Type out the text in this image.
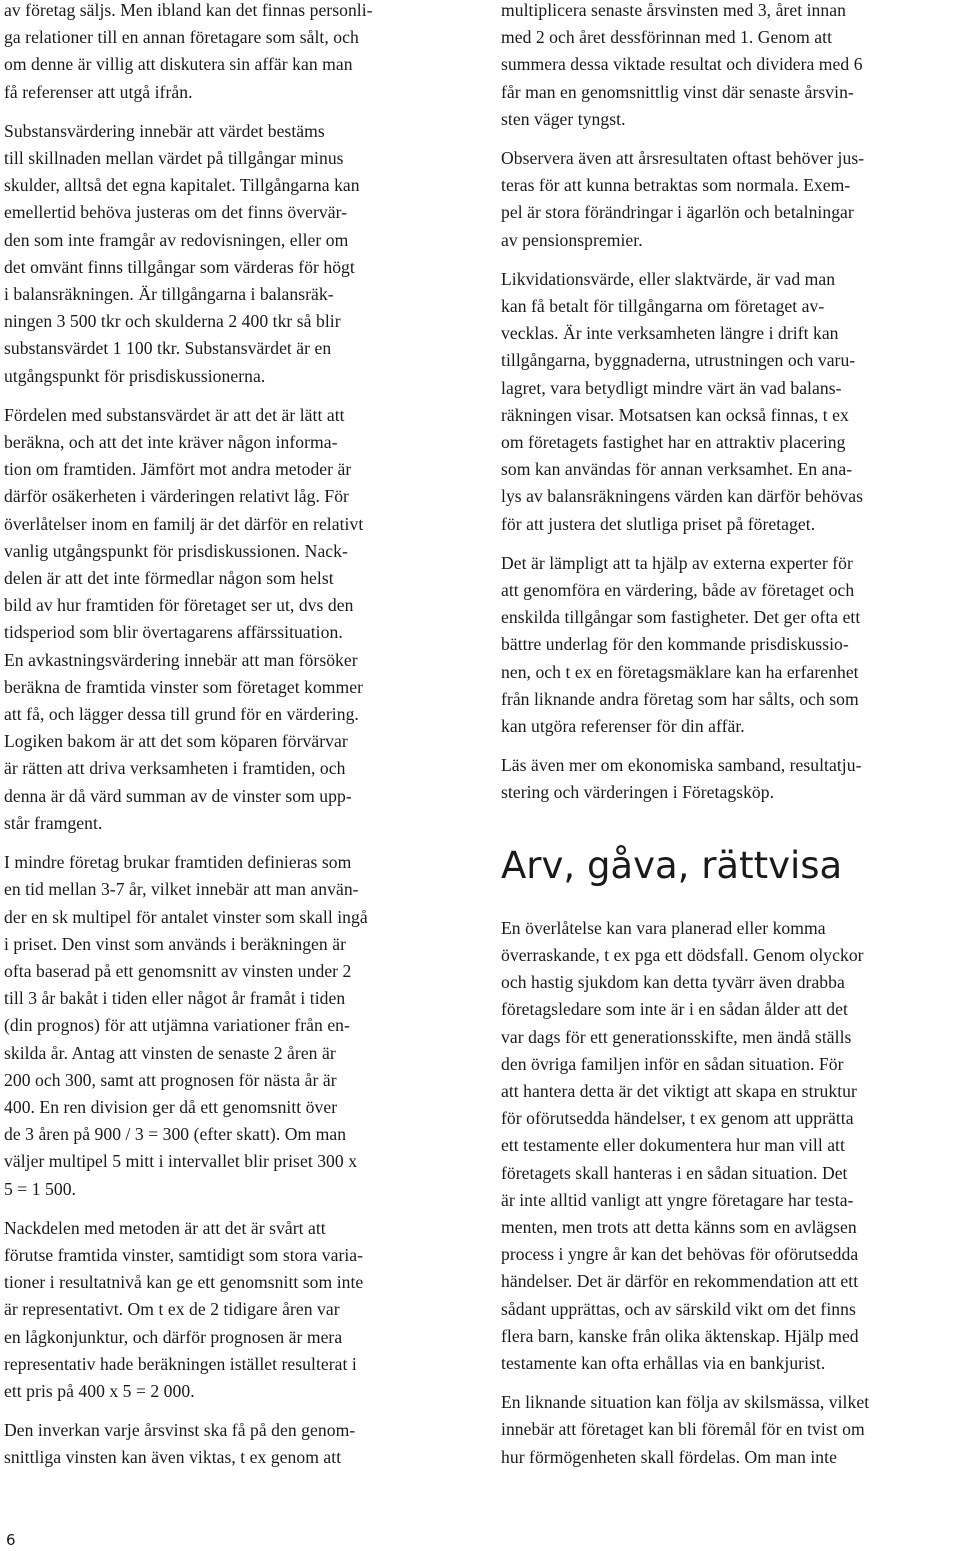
av företag säljs. Men ibland kan det finnas personli-
ga relationer till en annan företagare som sålt, och
om denne är villig att diskutera sin affär kan man
få referenser att utgå ifrån.

Substansvärdering innebär att värdet bestäms
till skillnaden mellan värdet på tillgångar minus
skulder, alltså det egna kapitalet. Tillgångarna kan
emellertid behöva justeras om det finns övervär-
den som inte framgår av redovisningen, eller om
det omvänt finns tillgångar som värderas för högt
i balansräkningen. Är tillgångarna i balansräk-
ningen 3 500 tkr och skulderna 2 400 tkr så blir
substansvärdet 1 100 tkr. Substansvärdet är en
utgångspunkt för prisdiskussionerna.

Fördelen med substansvärdet är att det är lätt att
beräkna, och att det inte kräver någon informa-
tion om framtiden. Jämfört mot andra metoder är
därför osäkerheten i värderingen relativt låg. För
överlåtelser inom en familj är det därför en relativt
vanlig utgångspunkt för prisdiskussionen. Nack-
delen är att det inte förmedlar någon som helst
bild av hur framtiden för företaget ser ut, dvs den
tidsperiod som blir övertagarens affärssituation.

En avkastningsvärdering innebär att man försöker
beräkna de framtida vinster som företaget kommer
att få, och lägger dessa till grund för en värdering.
Logiken bakom är att det som köparen förvärvar
är rätten att driva verksamheten i framtiden, och
denna är då värd summan av de vinster som upp-
står framgent.

I mindre företag brukar framtiden definieras som
en tid mellan 3-7 år, vilket innebär att man använ-
der en sk multipel för antalet vinster som skall ingå
i priset. Den vinst som används i beräkningen är
ofta baserad på ett genomsnitt av vinsten under 2
till 3 år bakåt i tiden eller något år framåt i tiden
(din prognos) för att utjämna variationer från en-
skilda år. Antag att vinsten de senaste 2 åren är
200 och 300, samt att prognosen för nästa år är
400. En ren division ger då ett genomsnitt över
de 3 åren på 900 / 3 = 300 (efter skatt). Om man
väljer multipel 5 mitt i intervallet blir priset 300 x
5 = 1 500.

Nackdelen med metoden är att det är svårt att
förutse framtida vinster, samtidigt som stora varia-
tioner i resultatnivå kan ge ett genomsnitt som inte
är representativt. Om t ex de 2 tidigare åren var
en lågkonjunktur, och därför prognosen är mera
representativ hade beräkningen istället resulterat i
ett pris på 400 x 5 = 2 000.

Den inverkan varje årsvinst ska få på den genom-
snittliga vinsten kan även viktas, t ex genom att

multiplicera senaste årsvinsten med 3, året innan
med 2 och året dessförinnan med 1. Genom att
summera dessa viktade resultat och dividera med 6
får man en genomsnittlig vinst där senaste årsvin-
sten väger tyngst.

Observera även att årsresultaten oftast behöver jus-
teras för att kunna betraktas som normala. Exem-
pel är stora förändringar i ägarlön och betalningar
av pensionspremier.

Likvidationsvärde, eller slaktvärde, är vad man
kan få betalt för tillgångarna om företaget av-
vecklas. Är inte verksamheten längre i drift kan
tillgångarna, byggnaderna, utrustningen och varu-
lagret, vara betydligt mindre värt än vad balans-
räkningen visar. Motsatsen kan också finnas, t ex
om företagets fastighet har en attraktiv placering
som kan användas för annan verksamhet. En ana-
lys av balansräkningens värden kan därför behövas
för att justera det slutliga priset på företaget.

Det är lämpligt att ta hjälp av externa experter för
att genomföra en värdering, både av företaget och
enskilda tillgångar som fastigheter. Det ger ofta ett
bättre underlag för den kommande prisdiskussio-
nen, och t ex en företagsmäklare kan ha erfarenhet
från liknande andra företag som har sålts, och som
kan utgöra referenser för din affär.

Läs även mer om ekonomiska samband, resultatju-
stering och värderingen i Företagsköp.

Arv, gåva, rättvisa

En överlåtelse kan vara planerad eller komma
överraskande, t ex pga ett dödsfall. Genom olyckor
och hastig sjukdom kan detta tyvärr även drabba
företagsledare som inte är i en sådan ålder att det
var dags för ett generationsskifte, men ändå ställs
den övriga familjen inför en sådan situation. För
att hantera detta är det viktigt att skapa en struktur
för oförutsedda händelser, t ex genom att upprätta
ett testamente eller dokumentera hur man vill att
företagets skall hanteras i en sådan situation. Det
är inte alltid vanligt att yngre företagare har testa-
menten, men trots att detta känns som en avlägsen
process i yngre år kan det behövas för oförutsedda
händelser. Det är därför en rekommendation att ett
sådant upprättas, och av särskild vikt om det finns
flera barn, kanske från olika äktenskap. Hjälp med
testamente kan ofta erhållas via en bankjurist.

En liknande situation kan följa av skilsmässa, vilket
innebär att företaget kan bli föremål för en tvist om
hur förmögenheten skall fördelas. Om man inte

6
